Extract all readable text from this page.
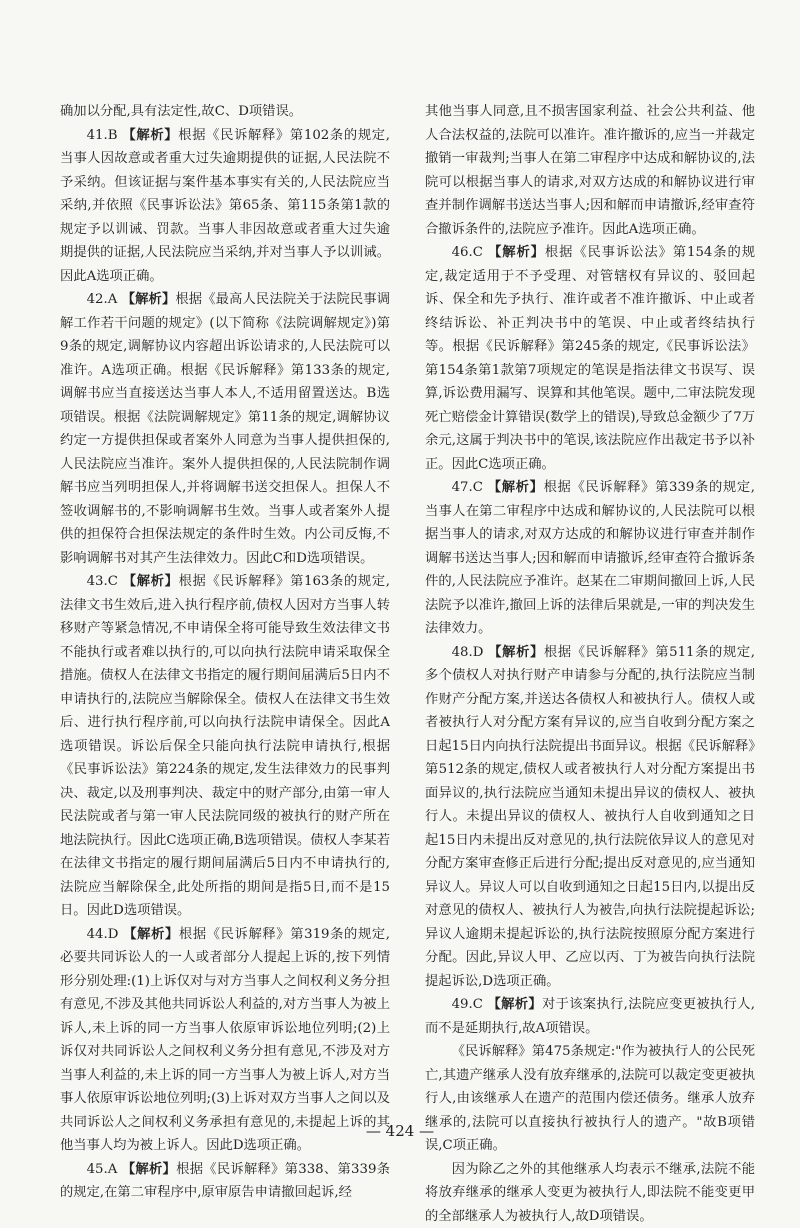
确加以分配,具有法定性,故C、D项错误。

41.B 【解析】根据《民诉解释》第102条的规定,当事人因故意或者重大过失逾期提供的证据,人民法院不予采纳。但该证据与案件基本事实有关的,人民法院应当采纳,并依照《民事诉讼法》第65条、第115条第1款的规定予以训诫、罚款。当事人非因故意或者重大过失逾期提供的证据,人民法院应当采纳,并对当事人予以训诫。因此A选项正确。

42.A 【解析】根据《最高人民法院关于法院民事调解工作若干问题的规定》(以下简称《法院调解规定》)第9条的规定,调解协议内容超出诉讼请求的,人民法院可以准许。A选项正确。根据《民诉解释》第133条的规定,调解书应当直接送达当事人本人,不适用留置送达。B选项错误。根据《法院调解规定》第11条的规定,调解协议约定一方提供担保或者案外人同意为当事人提供担保的,人民法院应当准许。案外人提供担保的,人民法院制作调解书应当列明担保人,并将调解书送交担保人。担保人不签收调解书的,不影响调解书生效。当事人或者案外人提供的担保符合担保法规定的条件时生效。内公司反悔,不影响调解书对其产生法律效力。因此C和D选项错误。

43.C 【解析】根据《民诉解释》第163条的规定,法律文书生效后,进入执行程序前,债权人因对方当事人转移财产等紧急情况,不申请保全将可能导致生效法律文书不能执行或者难以执行的,可以向执行法院申请采取保全措施。债权人在法律文书指定的履行期间届满后5日内不申请执行的,法院应当解除保全。债权人在法律文书生效后、进行执行程序前,可以向执行法院申请保全。因此A选项错误。诉讼后保全只能向执行法院申请执行,根据《民事诉讼法》第224条的规定,发生法律效力的民事判决、裁定,以及刑事判决、裁定中的财产部分,由第一审人民法院或者与第一审人民法院同级的被执行的财产所在地法院执行。因此C选项正确,B选项错误。债权人李某若在法律文书指定的履行期间届满后5日内不申请执行的,法院应当解除保全,此处所指的期间是指5日,而不是15日。因此D选项错误。

44.D 【解析】根据《民诉解释》第319条的规定,必要共同诉讼人的一人或者部分人提起上诉的,按下列情形分别处理:(1)上诉仅对与对方当事人之间权利义务分担有意见,不涉及其他共同诉讼人利益的,对方当事人为被上诉人,未上诉的同一方当事人依原审诉讼地位列明;(2)上诉仅对共同诉讼人之间权利义务分担有意见,不涉及对方当事人利益的,未上诉的同一方当事人为被上诉人,对方当事人依原审诉讼地位列明;(3)上诉对双方当事人之间以及共同诉讼人之间权利义务承担有意见的,未提起上诉的其他当事人均为被上诉人。因此D选项正确。

45.A 【解析】根据《民诉解释》第338、第339条的规定,在第二审程序中,原审原告申请撤回起诉,经

其他当事人同意,且不损害国家利益、社会公共利益、他人合法权益的,法院可以准许。准许撤诉的,应当一并裁定撤销一审裁判;当事人在第二审程序中达成和解协议的,法院可以根据当事人的请求,对双方达成的和解协议进行审查并制作调解书送达当事人;因和解而申请撤诉,经审查符合撤诉条件的,法院应予准许。因此A选项正确。

46.C 【解析】根据《民事诉讼法》第154条的规定,裁定适用于不予受理、对管辖权有异议的、驳回起诉、保全和先予执行、准许或者不准许撤诉、中止或者终结诉讼、补正判决书中的笔误、中止或者终结执行等。根据《民诉解释》第245条的规定,《民事诉讼法》第154条第1款第7项规定的笔误是指法律文书误写、误算,诉讼费用漏写、误算和其他笔误。题中,二审法院发现死亡赔偿金计算错误(数学上的错误),导致总金额少了7万余元,这属于判决书中的笔误,该法院应作出裁定书予以补正。因此C选项正确。

47.C 【解析】根据《民诉解释》第339条的规定,当事人在第二审程序中达成和解协议的,人民法院可以根据当事人的请求,对双方达成的和解协议进行审查并制作调解书送达当事人;因和解而申请撤诉,经审查符合撤诉条件的,人民法院应予准许。赵某在二审期间撤回上诉,人民法院予以准许,撤回上诉的法律后果就是,一审的判决发生法律效力。

48.D 【解析】根据《民诉解释》第511条的规定,多个债权人对执行财产申请参与分配的,执行法院应当制作财产分配方案,并送达各债权人和被执行人。债权人或者被执行人对分配方案有异议的,应当自收到分配方案之日起15日内向执行法院提出书面异议。根据《民诉解释》第512条的规定,债权人或者被执行人对分配方案提出书面异议的,执行法院应当通知未提出异议的债权人、被执行人。未提出异议的债权人、被执行人自收到通知之日起15日内未提出反对意见的,执行法院依异议人的意见对分配方案审查修正后进行分配;提出反对意见的,应当通知异议人。异议人可以自收到通知之日起15日内,以提出反对意见的债权人、被执行人为被告,向执行法院提起诉讼;异议人逾期未提起诉讼的,执行法院按照原分配方案进行分配。因此,异议人甲、乙应以丙、丁为被告向执行法院提起诉讼,D选项正确。

49.C 【解析】对于该案执行,法院应变更被执行人,而不是延期执行,故A项错误。

《民诉解释》第475条规定:"作为被执行人的公民死亡,其遗产继承人没有放弃继承的,法院可以裁定变更被执行人,由该继承人在遗产的范围内偿还债务。继承人放弃继承的,法院可以直接执行被执行人的遗产。"故B项错误,C项正确。

因为除乙之外的其他继承人均表示不继承,法院不能将放弃继承的继承人变更为被执行人,即法院不能变更甲的全部继承人为被执行人,故D项错误。

— 424 —
